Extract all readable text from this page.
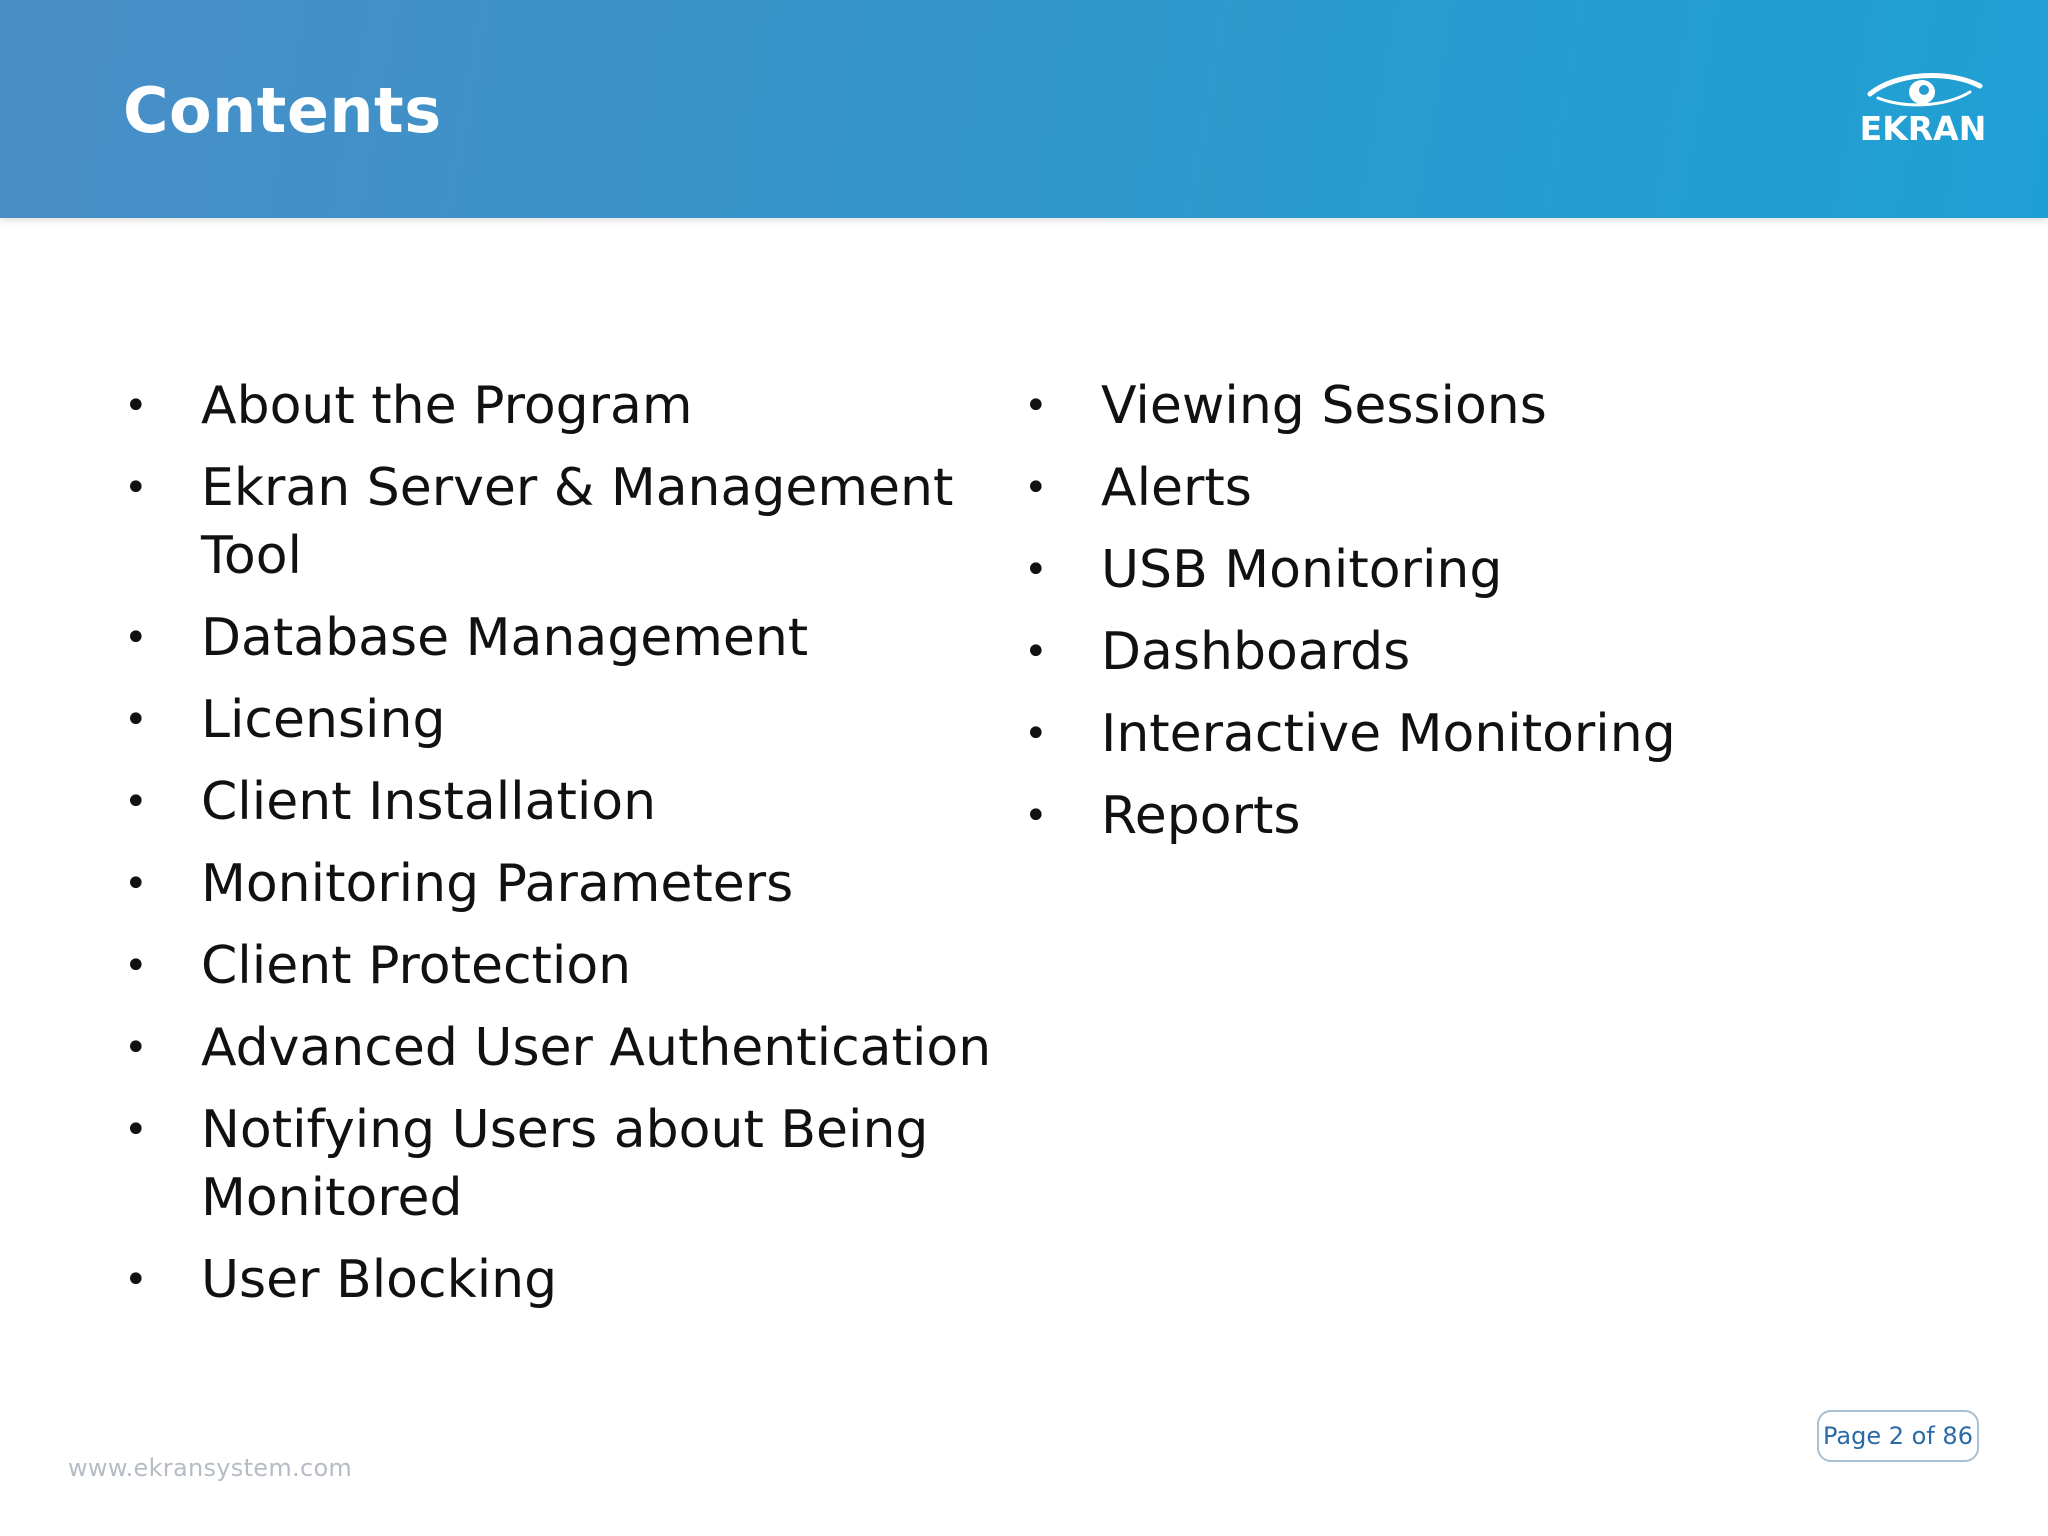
Contents	EKRAN
• About the Program
• Ekran Server & Management Tool
• Database Management
• Licensing
• Client Installation
• Monitoring Parameters
• Client Protection
• Advanced User Authentication
• Notifying Users about Being Monitored
• User Blocking
• Viewing Sessions
• Alerts
• USB Monitoring
• Dashboards
• Interactive Monitoring
• Reports
www.ekransystem.com
Page 2 of 86
